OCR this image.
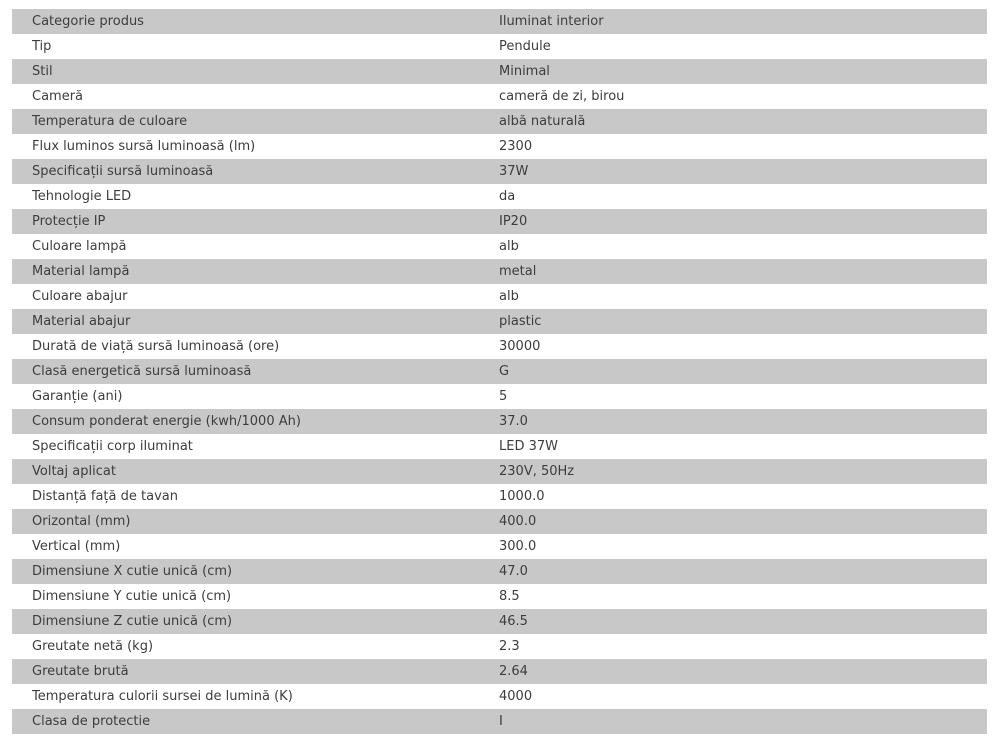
Categorie produs	Iluminat interior
Tip	Pendule
Stil	Minimal
Cameră	cameră de zi, birou
Temperatura de culoare	albă naturală
Flux luminos sursă luminoasă (lm)	2300
Specificații sursă luminoasă	37W
Tehnologie LED	da
Protecție IP	IP20
Culoare lampă	alb
Material lampă	metal
Culoare abajur	alb
Material abajur	plastic
Durată de viață sursă luminoasă (ore)	30000
Clasă energetică sursă luminoasă	G
Garanție (ani)	5
Consum ponderat energie (kwh/1000 Ah)	37.0
Specificații corp iluminat	LED 37W
Voltaj aplicat	230V, 50Hz
Distanță față de tavan	1000.0
Orizontal (mm)	400.0
Vertical (mm)	300.0
Dimensiune X cutie unică (cm)	47.0
Dimensiune Y cutie unică (cm)	8.5
Dimensiune Z cutie unică (cm)	46.5
Greutate netă (kg)	2.3
Greutate brută	2.64
Temperatura culorii sursei de lumină (K)	4000
Clasa de protectie	I
